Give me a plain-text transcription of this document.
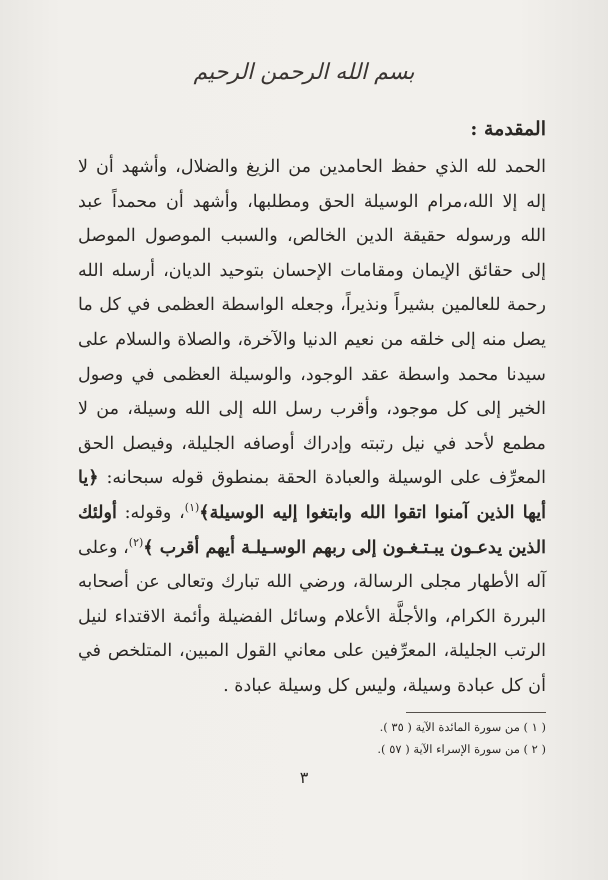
بسم الله الرحمن الرحيم
المقدمة :

الحمد لله الذي حفظ الحامدين من الزيغ والضلال، وأشهد أن لا إله إلا الله،مرام الوسيلة الحق ومطلبها، وأشهد أن محمداً عبد الله ورسوله حقيقة الدين الخالص، والسبب الموصول الموصل إلى حقائق الإيمان ومقامات الإحسان بتوحيد الديان، أرسله الله رحمة للعالمين بشيراً ونذيراً، وجعله الواسطة العظمى في كل ما يصل منه إلى خلقه من نعيم الدنيا والآخرة، والصلاة والسلام على سيدنا محمد واسطة عقد الوجود، والوسيلة العظمى في وصول الخير إلى كل موجود، وأقرب رسل الله إلى الله وسيلة، من لا مطمع لأحد في نيل رتبته وإدراك أوصافه الجليلة، وفيصل الحق المعرِّف على الوسيلة والعبادة الحقة بمنطوق قوله سبحانه: ﴿يا أيها الذين آمنوا اتقوا الله وابتغوا إليه الوسيلة﴾$^{(١)}$، وقوله: أولئك الذين يدعـون يبـتـغـون إلى ربهم الوسـيلـة أيهم أقرب ﴾$^{(٢)}$، وعلى آله الأطهار مجلى الرسالة، ورضي الله تبارك وتعالى عن أصحابه البررة الكرام، والأجلَّة الأعلام وسائل الفضيلة وأئمة الاقتداء لنيل الرتب الجليلة، المعرِّفين على معاني القول المبين، المتلخص في أن كل عبادة وسيلة، وليس كل وسيلة عبادة .

( ١ ) من سورة المائدة الآية ( ٣٥ ).
( ٢ ) من سورة الإسراء الآية ( ٥٧ ).
٣
